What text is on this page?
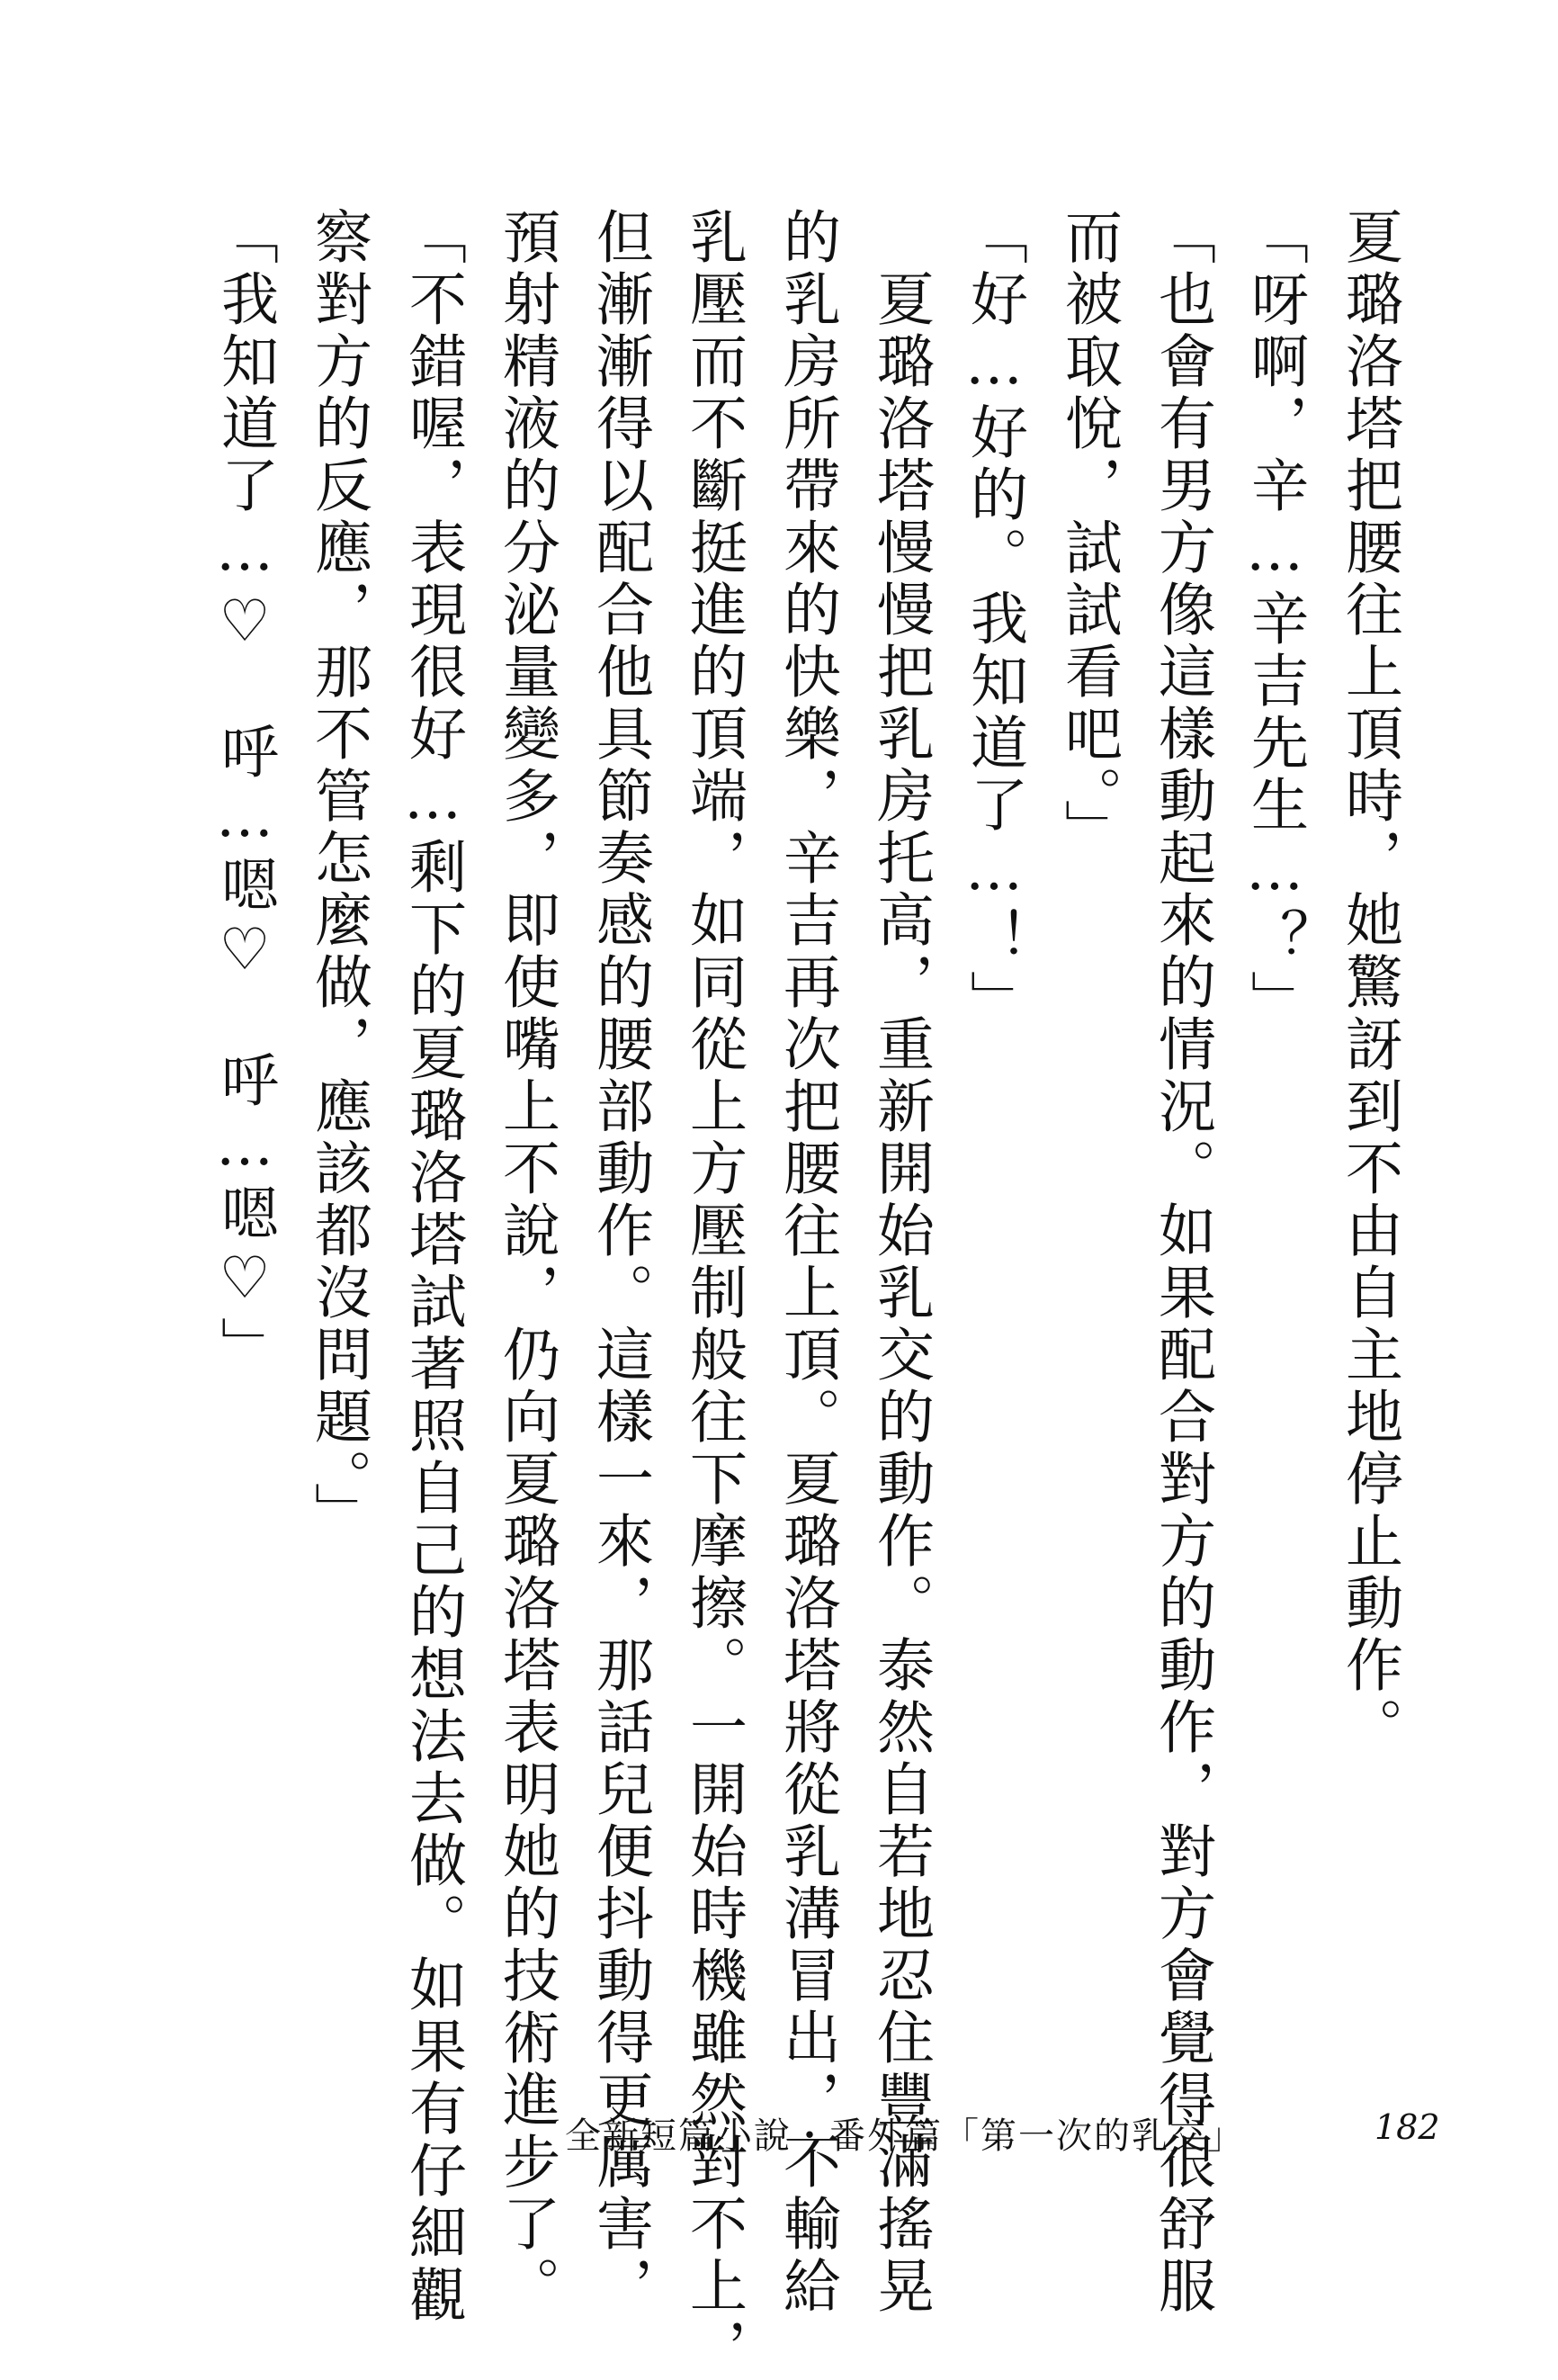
夏璐洛塔把腰往上頂時，她驚訝到不由自主地停止動作。
「呀啊，辛…辛吉先生…？」
「也會有男方像這樣動起來的情況。如果配合對方的動作，對方會覺得很舒服
而被取悅，試試看吧。」
「好…好的。我知道了…！」
　夏璐洛塔慢慢把乳房托高，重新開始乳交的動作。泰然自若地忍住豐滿搖晃
的乳房所帶來的快樂，辛吉再次把腰往上頂。夏璐洛塔將從乳溝冒出，不輸給
乳壓而不斷挺進的頂端，如同從上方壓制般往下摩擦。一開始時機雖然對不上，
但漸漸得以配合他具節奏感的腰部動作。這樣一來，那話兒便抖動得更厲害，
預射精液的分泌量變多，即使嘴上不說，仍向夏璐洛塔表明她的技術進步了。
「不錯喔，表現很好…剩下的夏璐洛塔試著照自己的想法去做。如果有仔細觀
察對方的反應，那不管怎麼做，應該都沒問題。」
「我知道了…♡　呼…嗯♡　呼…嗯♡」
全新短篇小說・番外篇「第一次的乳交」	182
